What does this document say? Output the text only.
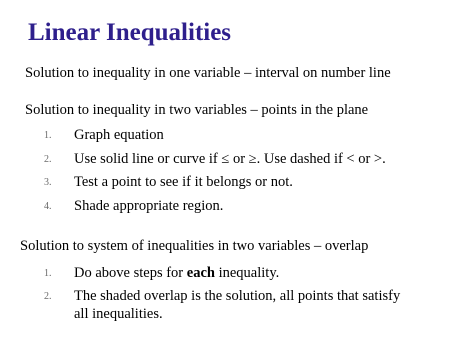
Linear Inequalities

Solution to inequality in one variable – interval on number line

Solution to inequality in two variables – points in the plane

1. Graph equation
2. Use solid line or curve if ≤ or ≥. Use dashed if < or >.
3. Test a point to see if it belongs or not.
4. Shade appropriate region.

Solution to system of inequalities in two variables – overlap

1. Do above steps for each inequality.
2. The shaded overlap is the solution, all points that satisfy all inequalities.
